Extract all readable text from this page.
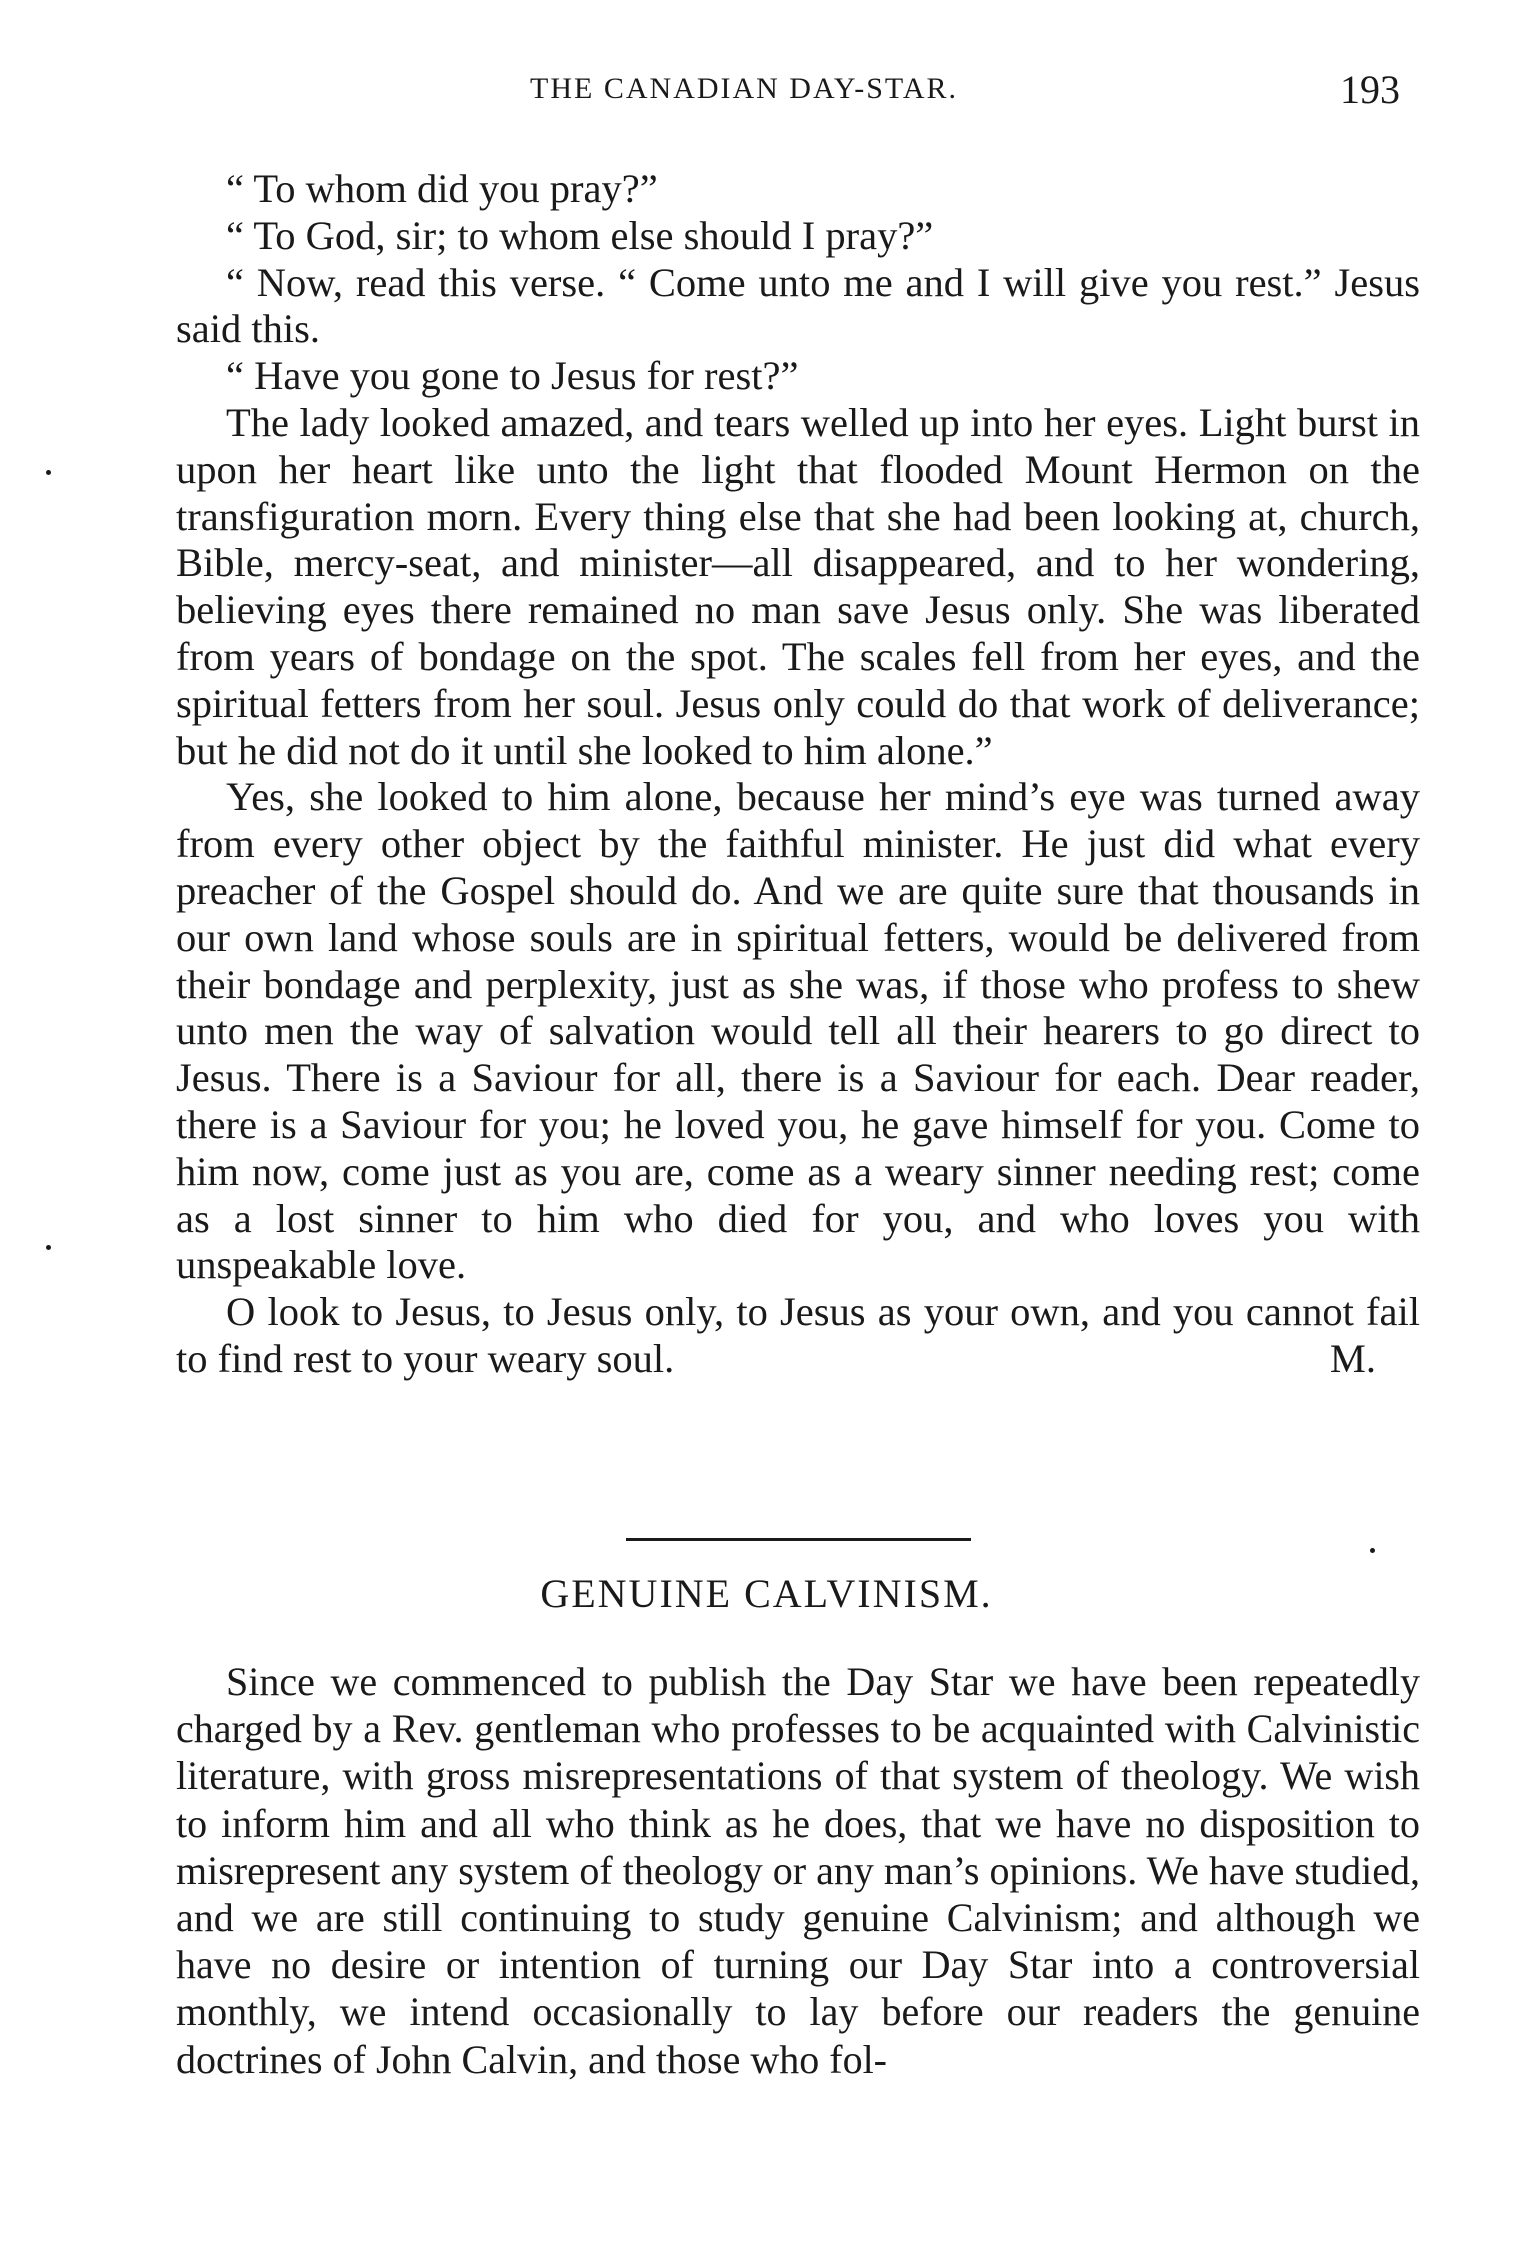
THE CANADIAN DAY-STAR.	193

“ To whom did you pray?”

“ To God, sir; to whom else should I pray?”

“ Now, read this verse. “ Come unto me and I will give you rest.” Jesus said this.

“ Have you gone to Jesus for rest?”

The lady looked amazed, and tears welled up into her eyes. Light burst in upon her heart like unto the light that flooded Mount Hermon on the transfiguration morn. Every thing else that she had been looking at, church, Bible, mercy-seat, and minister—all disappeared, and to her wondering, believing eyes there remained no man save Jesus only. She was liberated from years of bondage on the spot. The scales fell from her eyes, and the spiritual fetters from her soul. Jesus only could do that work of deliverance; but he did not do it until she looked to him alone.”

Yes, she looked to him alone, because her mind’s eye was turned away from every other object by the faithful minister. He just did what every preacher of the Gospel should do. And we are quite sure that thousands in our own land whose souls are in spiritual fetters, would be delivered from their bondage and perplexity, just as she was, if those who profess to shew unto men the way of salvation would tell all their hearers to go direct to Jesus. There is a Saviour for all, there is a Saviour for each. Dear reader, there is a Saviour for you; he loved you, he gave himself for you. Come to him now, come just as you are, come as a weary sinner needing rest; come as a lost sinner to him who died for you, and who loves you with unspeakable love.

O look to Jesus, to Jesus only, to Jesus as your own, and you cannot fail to find rest to your weary soul.	M.

GENUINE CALVINISM.

Since we commenced to publish the Day Star we have been repeatedly charged by a Rev. gentleman who professes to be acquainted with Calvinistic literature, with gross misrepresentations of that system of theology. We wish to inform him and all who think as he does, that we have no disposition to misrepresent any system of theology or any man’s opinions. We have studied, and we are still continuing to study genuine Calvinism; and although we have no desire or intention of turning our Day Star into a controversial monthly, we intend occasionally to lay before our readers the genuine doctrines of John Calvin, and those who fol-
